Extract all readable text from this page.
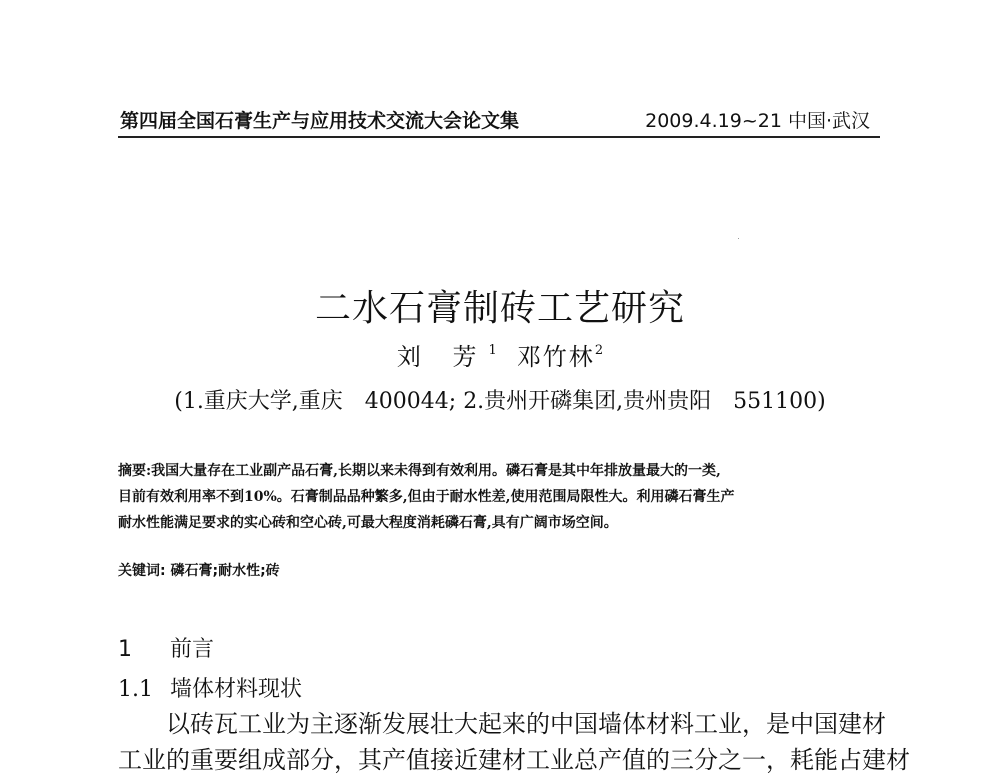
第四届全国石膏生产与应用技术交流大会论文集	2009.4.19~21 中国·武汉
二水石膏制砖工艺研究
刘 芳$^1$ 邓竹林$^2$
(1.重庆大学,重庆　400044; 2.贵州开磷集团,贵州贵阳　551100)

摘要:我国大量存在工业副产品石膏,长期以来未得到有效利用。磷石膏是其中年排放量最大的一类,

目前有效利用率不到10%。石膏制品品种繁多,但由于耐水性差,使用范围局限性大。利用磷石膏生产

耐水性能满足要求的实心砖和空心砖,可最大程度消耗磷石膏,具有广阔市场空间。

关键词: 磷石膏;耐水性;砖
1 前言
1.1 墙体材料现状

以砖瓦工业为主逐渐发展壮大起来的中国墙体材料工业，是中国建材

工业的重要组成部分，其产值接近建材工业总产值的三分之一，耗能占建材
